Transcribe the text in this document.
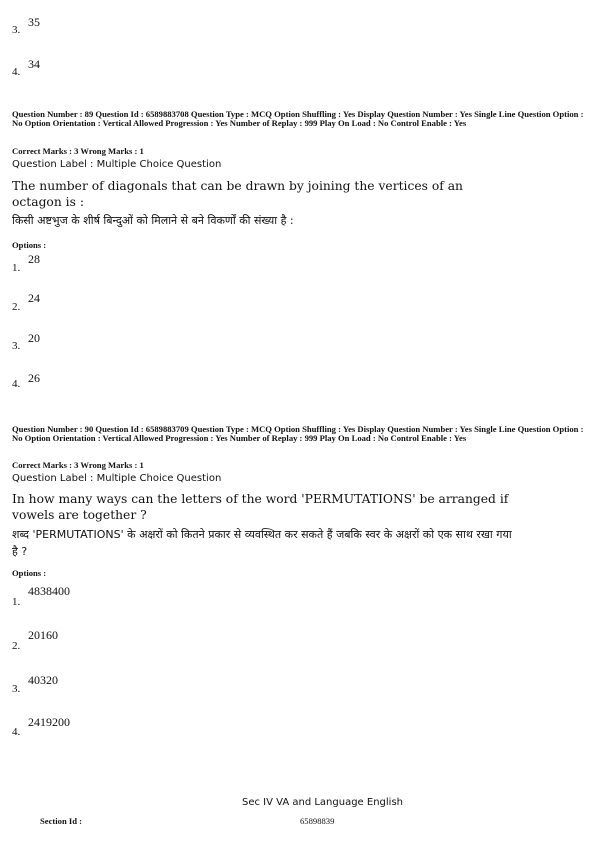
3.
35
4.
34
Question Number : 89 Question Id : 6589883708 Question Type : MCQ Option Shuffling : Yes Display Question Number : Yes Single Line Question Option : No Option Orientation : Vertical Allowed Progression : Yes Number of Replay : 999 Play On Load : No Control Enable : Yes
Correct Marks : 3 Wrong Marks : 1
Question Label : Multiple Choice Question
The number of diagonals that can be drawn by joining the vertices of an octagon is :
किसी अष्टभुज के शीर्ष बिन्दुओं को मिलाने से बने विकर्णों की संख्या है :
Options :
1.
28
2.
24
3.
20
4. 26
Question Number : 90 Question Id : 6589883709 Question Type : MCQ Option Shuffling : Yes Display Question Number : Yes Single Line Question Option : No Option Orientation : Vertical Allowed Progression : Yes Number of Replay : 999 Play On Load : No Control Enable : Yes
Correct Marks : 3 Wrong Marks : 1
Question Label : Multiple Choice Question
In how many ways can the letters of the word 'PERMUTATIONS' be arranged if vowels are together ?
शब्द 'PERMUTATIONS' के अक्षरों को कितने प्रकार से व्यवस्थित कर सकते हैं जबकि स्वर के अक्षरों को एक साथ रखा गया है ?
Options :
1.
4838400
2.
20160
3.
40320
4.
2419200
Sec IV VA and Language English
Section Id :	65898839
